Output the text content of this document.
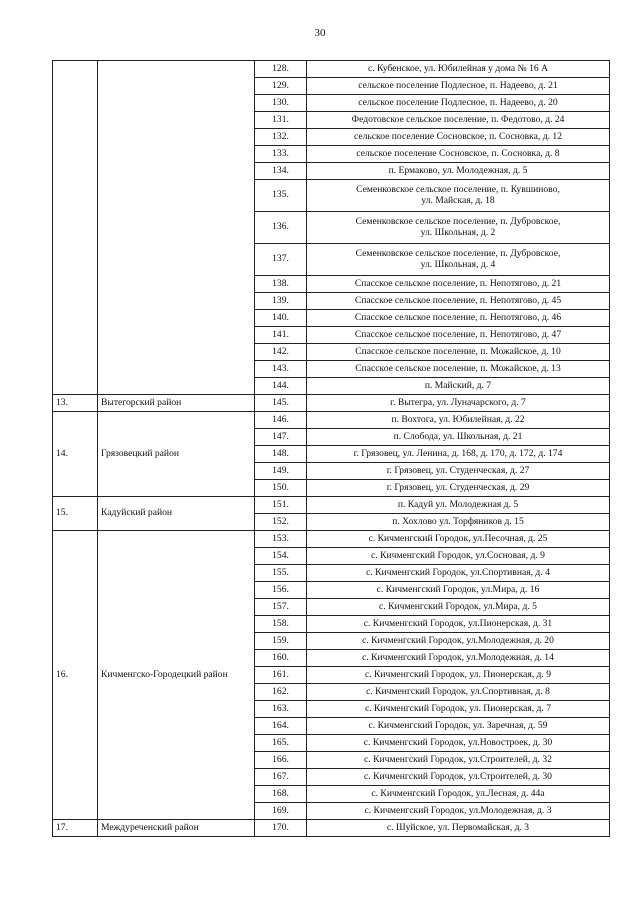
30
		128.	с. Кубенское, ул. Юбилейная у дома № 16 А

		129.	сельское поселение Подлесное, п. Надеево, д. 21

		130.	сельское поселение Подлесное, п. Надеево, д. 20

		131.	Федотовское сельское поселение, п. Федотово, д. 24

		132.	сельское поселение Сосновское, п. Сосновка, д. 12

		133.	сельское поселение Сосновское, п. Сосновка, д. 8

		134.	п. Ермаково, ул. Молодежная, д. 5

		135.	Семенковское сельское поселение, п. Кувшиново,
ул. Майская, д. 18

		136.	Семенковское сельское поселение, п. Дубровское,
ул. Школьная, д. 2

		137.	Семенковское сельское поселение, п. Дубровское,
ул. Школьная, д. 4

		138.	Спасское сельское поселение, п. Непотягово, д. 21

		139.	Спасское сельское поселение, п. Непотягово, д. 45

		140.	Спасское сельское поселение, п. Непотягово, д. 46

		141.	Спасское сельское поселение, п. Непотягово, д. 47

		142.	Спасское сельское поселение, п. Можайское, д. 10

		143.	Спасское сельское поселение, п. Можайское, д. 13

		144.	п. Майский, д. 7

13.	Вытегорский район	145.	г. Вытегра, ул. Луначарского, д. 7

14.	Грязовецкий район	146.	п. Вохтога, ул. Юбилейная, д. 22

		147.	п. Слобода, ул. Школьная, д. 21

		148.	г. Грязовец, ул. Ленина, д. 168, д. 170, д. 172, д. 174

		149.	г. Грязовец, ул. Студенческая, д. 27

		150.	г. Грязовец, ул. Студенческая, д. 29

15.	Кадуйский район	151.	п. Кадуй ул. Молодежная д. 5

		152.	п. Хохлово ул. Торфяников д. 15

16.	Кичменгско-Городецкий район	153.	с. Кичменгский Городок, ул.Песочная, д. 25

		154.	с. Кичменгский Городок, ул.Сосновая, д. 9

		155.	с. Кичменгский Городок, ул.Спортивная, д. 4

		156.	с. Кичменгский Городок, ул.Мира, д. 16

		157.	с. Кичменгский Городок, ул.Мира, д. 5

		158.	с. Кичменгский Городок, ул.Пионерская, д. 31

		159.	с. Кичменгский Городок, ул.Молодежная, д. 20

		160.	с. Кичменгский Городок, ул.Молодежная, д. 14

		161.	с. Кичменгский Городок, ул. Пионерская, д. 9

		162.	с. Кичменгский Городок, ул.Спортивная, д. 8

		163.	с. Кичменгский Городок, ул. Пионерская, д. 7

		164.	с. Кичменгский Городок, ул. Заречная, д. 59

		165.	с. Кичменгский Городок, ул.Новостроек, д. 30

		166.	с. Кичменгский Городок, ул.Строителей, д. 32

		167.	с. Кичменгский Городок, ул.Строителей, д. 30

		168.	с. Кичменгский Городок, ул.Лесная, д. 44а

		169.	с. Кичменгский Городок, ул.Молодежная, д. 3

17.	Междуреченский район	170.	с. Шуйское, ул. Первомайская, д. 3
